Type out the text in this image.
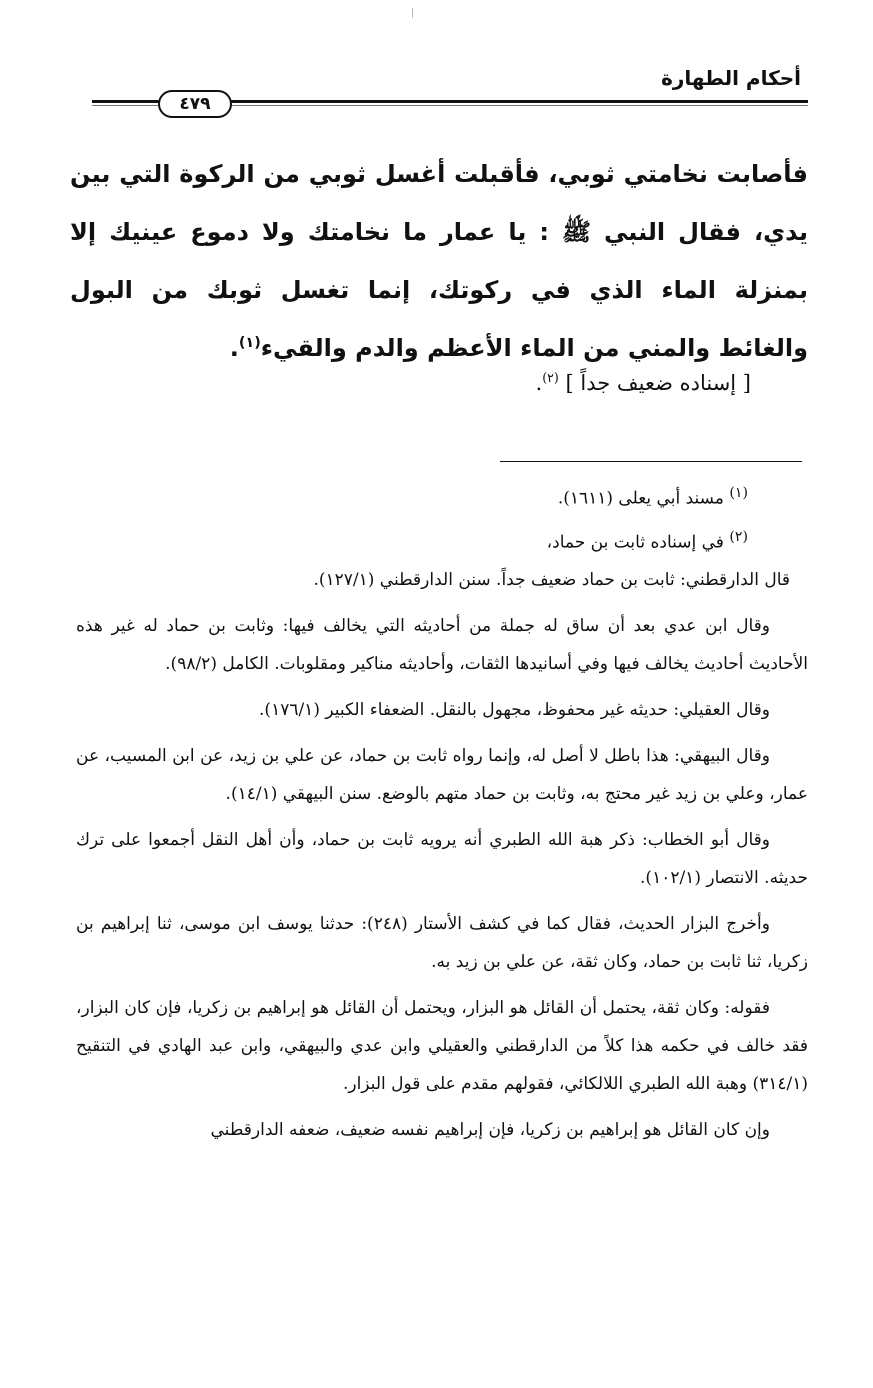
أحكام الطهارة
٤٧٩
فأصابت نخامتي ثوبي، فأقبلت أغسل ثوبي من الركوة التي بين يدي، فقال النبي ﷺ : يا عمار ما نخامتك ولا دموع عينيك إلا بمنزلة الماء الذي في ركوتك، إنما تغسل ثوبك من البول والغائط والمني من الماء الأعظم والدم والقيء$^{(١)}$.
[ إسناده ضعيف جداً ] $^{(٢)}$.
$^{(١)}$ مسند أبي يعلى (١٦١١).
$^{(٢)}$ في إسناده ثابت بن حماد،

قال الدارقطني: ثابت بن حماد ضعيف جداً. سنن الدارقطني (١٢٧/١).

وقال ابن عدي بعد أن ساق له جملة من أحاديثه التي يخالف فيها: وثابت بن حماد له غير هذه الأحاديث أحاديث يخالف فيها وفي أسانيدها الثقات، وأحاديثه مناكير ومقلوبات. الكامل (٩٨/٢).

وقال العقيلي: حديثه غير محفوظ، مجهول بالنقل. الضعفاء الكبير (١٧٦/١).

وقال البيهقي: هذا باطل لا أصل له، وإنما رواه ثابت بن حماد، عن علي بن زيد، عن ابن المسيب، عن عمار، وعلي بن زيد غير محتج به، وثابت بن حماد متهم بالوضع. سنن البيهقي (١٤/١).

وقال أبو الخطاب: ذكر هبة الله الطبري أنه يرويه ثابت بن حماد، وأن أهل النقل أجمعوا على ترك حديثه. الانتصار (١٠٢/١).

وأخرج البزار الحديث، فقال كما في كشف الأستار (٢٤٨): حدثنا يوسف ابن موسى، ثنا إبراهيم بن زكريا، ثنا ثابت بن حماد، وكان ثقة، عن علي بن زيد به.

فقوله: وكان ثقة، يحتمل أن القائل هو البزار، ويحتمل أن القائل هو إبراهيم بن زكريا، فإن كان البزار، فقد خالف في حكمه هذا كلاً من الدارقطني والعقيلي وابن عدي والبيهقي، وابن عبد الهادي في التنقيح (٣١٤/١) وهبة الله الطبري اللالكائي، فقولهم مقدم على قول البزار.

وإن كان القائل هو إبراهيم بن زكريا، فإن إبراهيم نفسه ضعيف، ضعفه الدارقطني
